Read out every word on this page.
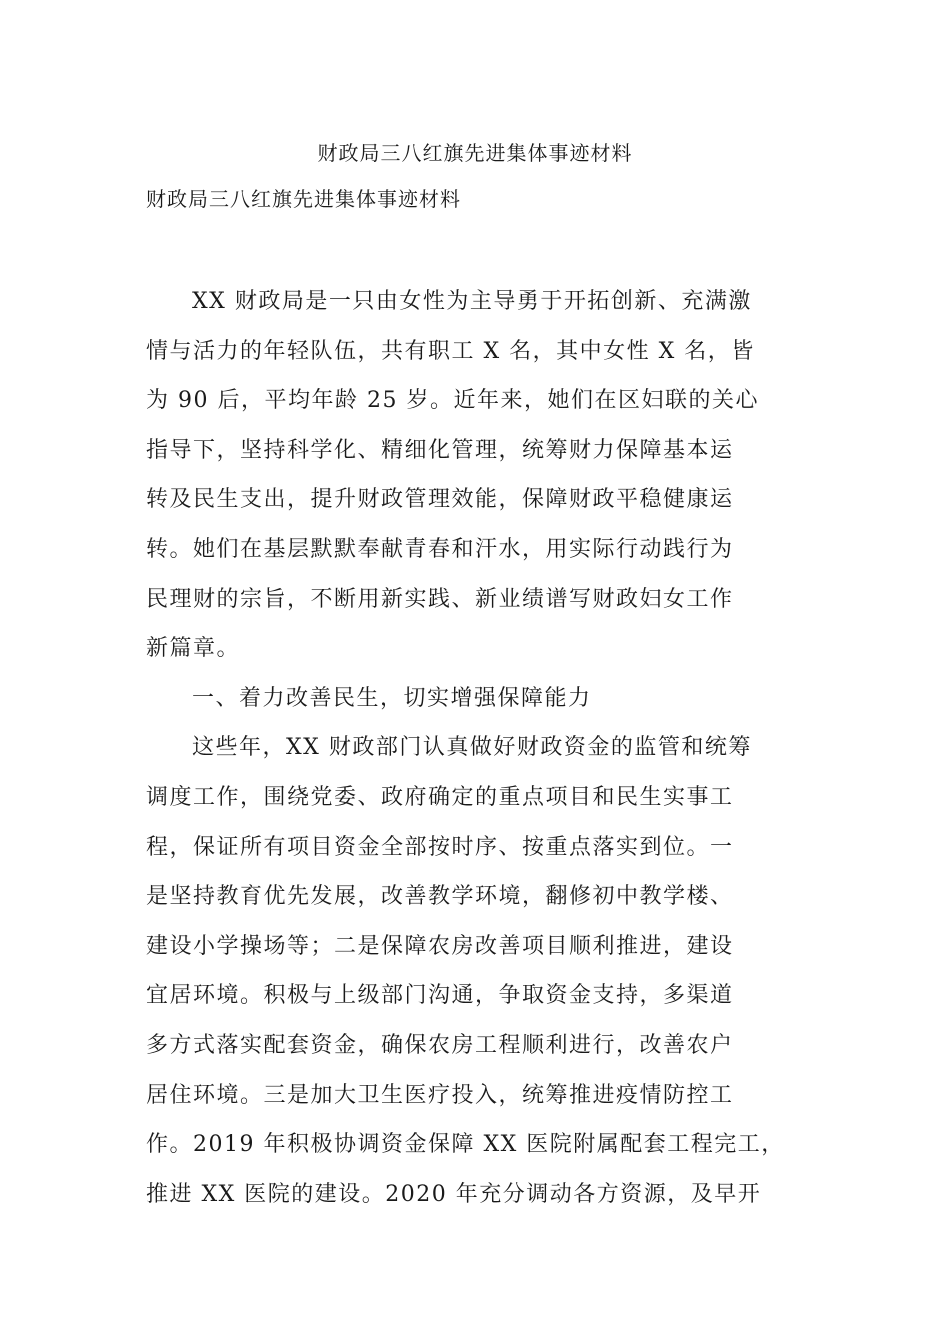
财政局三八红旗先进集体事迹材料
财政局三八红旗先进集体事迹材料
XX 财政局是一只由女性为主导勇于开拓创新、充满激
情与活力的年轻队伍，共有职工 X 名，其中女性 X 名，皆
为 90 后，平均年龄 25 岁。近年来，她们在区妇联的关心
指导下，坚持科学化、精细化管理，统筹财力保障基本运
转及民生支出，提升财政管理效能，保障财政平稳健康运
转。她们在基层默默奉献青春和汗水，用实际行动践行为
民理财的宗旨，不断用新实践、新业绩谱写财政妇女工作
新篇章。
一、着力改善民生，切实增强保障能力
这些年，XX 财政部门认真做好财政资金的监管和统筹
调度工作，围绕党委、政府确定的重点项目和民生实事工
程，保证所有项目资金全部按时序、按重点落实到位。一
是坚持教育优先发展，改善教学环境，翻修初中教学楼、
建设小学操场等；二是保障农房改善项目顺利推进，建设
宜居环境。积极与上级部门沟通，争取资金支持，多渠道
多方式落实配套资金，确保农房工程顺利进行，改善农户
居住环境。三是加大卫生医疗投入，统筹推进疫情防控工
作。2019 年积极协调资金保障 XX 医院附属配套工程完工，
推进 XX 医院的建设。2020 年充分调动各方资源，及早开
